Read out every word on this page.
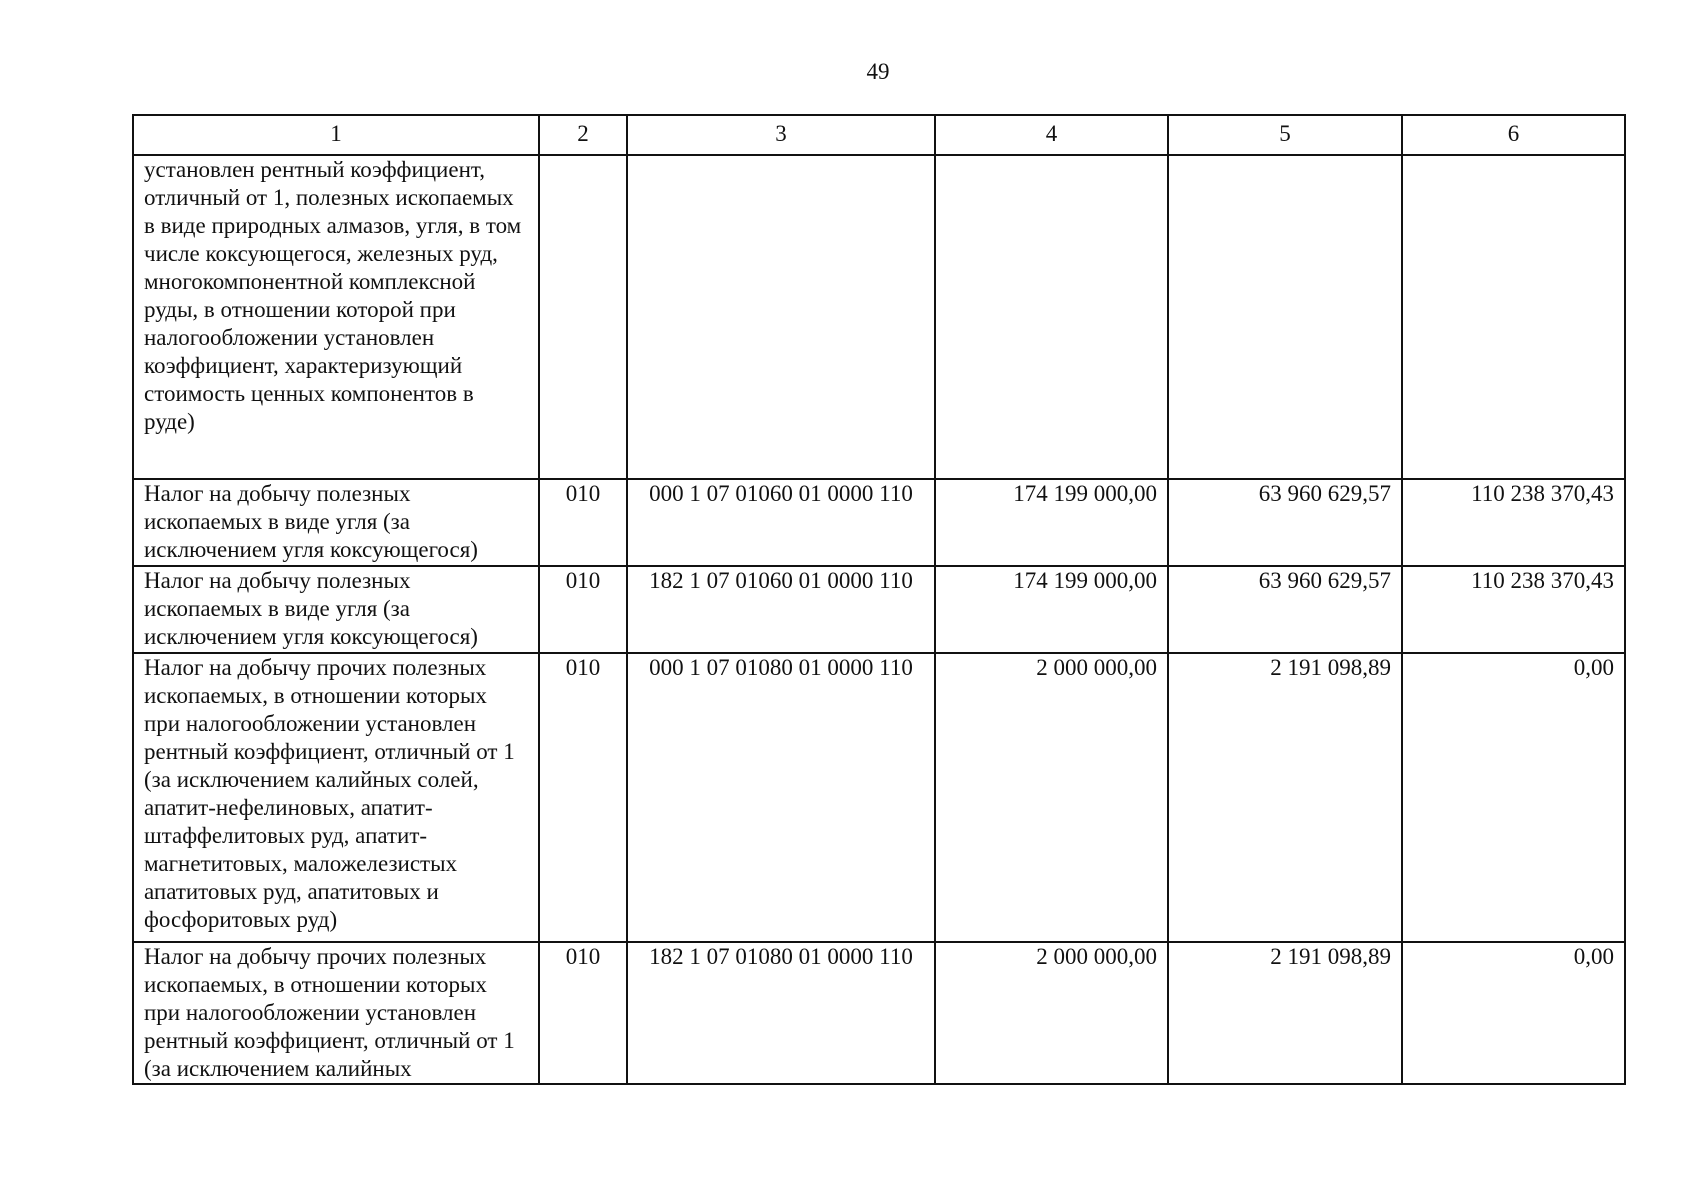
49
1	2	3	4	5	6
установлен рентный коэффициент, отличный от 1, полезных ископаемых в виде природных алмазов, угля, в том числе коксующегося, железных руд, многокомпонентной комплексной руды, в отношении которой при налогообложении установлен коэффициент, характеризующий стоимость ценных компонентов в руде)					
Налог на добычу полезных ископаемых в виде угля (за исключением угля коксующегося)	010	000 1 07 01060 01 0000 110	174 199 000,00	63 960 629,57	110 238 370,43
Налог на добычу полезных ископаемых в виде угля (за исключением угля коксующегося)	010	182 1 07 01060 01 0000 110	174 199 000,00	63 960 629,57	110 238 370,43
Налог на добычу прочих полезных ископаемых, в отношении которых при налогообложении установлен рентный коэффициент, отличный от 1 (за исключением калийных солей, апатит-нефелиновых, апатит-штаффелитовых руд, апатит-магнетитовых, маложелезистых апатитовых руд, апатитовых и фосфоритовых руд)	010	000 1 07 01080 01 0000 110	2 000 000,00	2 191 098,89	0,00
Налог на добычу прочих полезных ископаемых, в отношении которых при налогообложении установлен рентный коэффициент, отличный от 1 (за исключением калийных	010	182 1 07 01080 01 0000 110	2 000 000,00	2 191 098,89	0,00
